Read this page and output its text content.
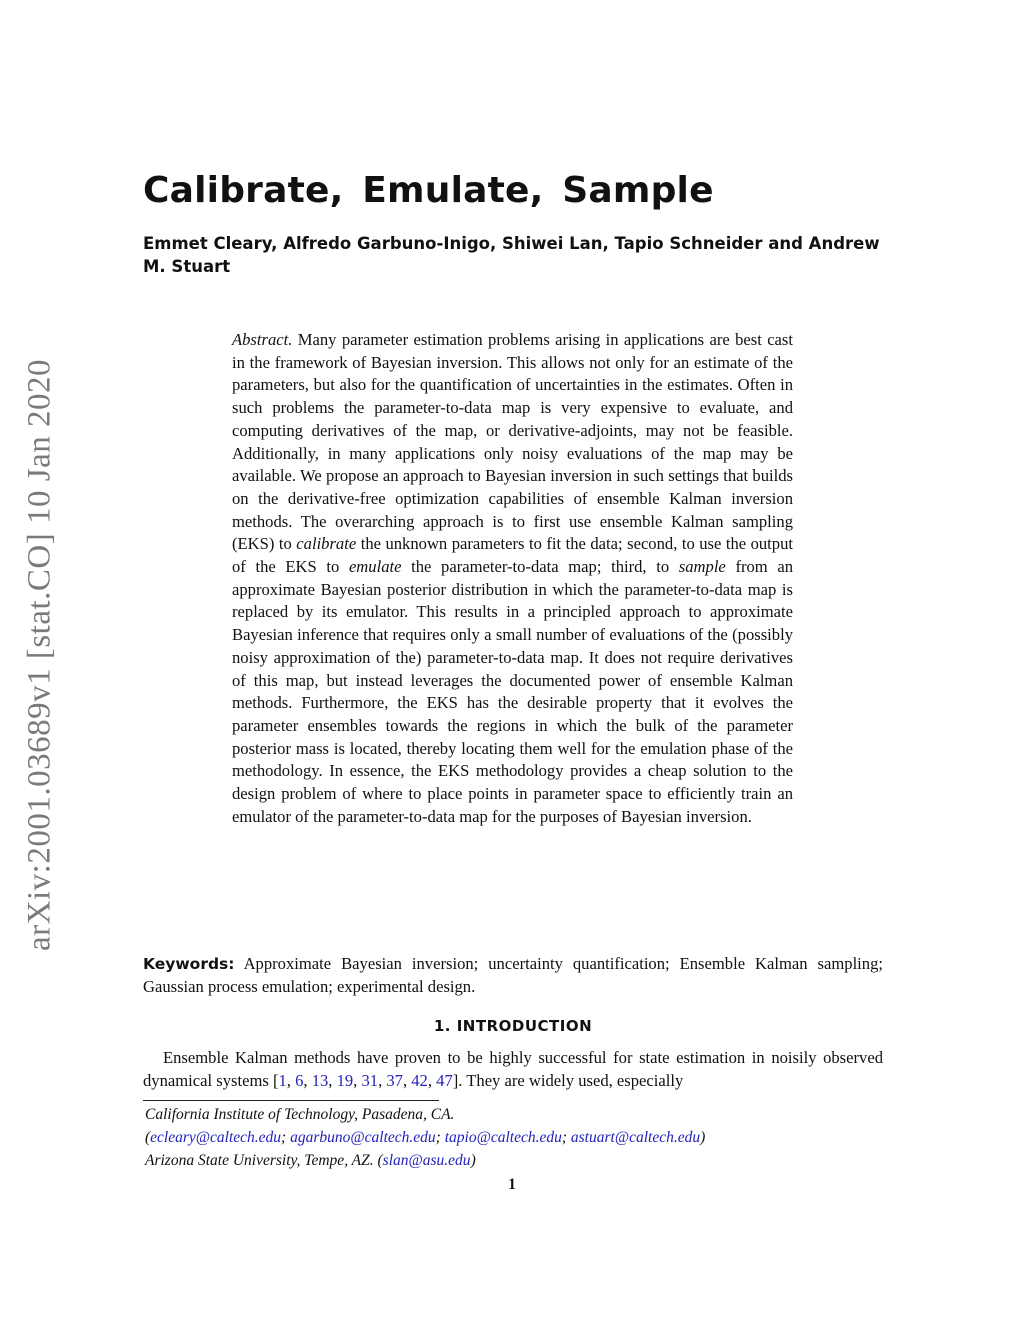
arXiv:2001.03689v1 [stat.CO] 10 Jan 2020
Calibrate, Emulate, Sample
Emmet Cleary, Alfredo Garbuno-Inigo, Shiwei Lan, Tapio Schneider and Andrew M. Stuart
Abstract. Many parameter estimation problems arising in applications are best cast in the framework of Bayesian inversion. This allows not only for an estimate of the parameters, but also for the quantification of uncertainties in the estimates. Often in such problems the parameter-to-data map is very expensive to evaluate, and computing derivatives of the map, or derivative-adjoints, may not be feasible. Additionally, in many applications only noisy evaluations of the map may be available. We propose an approach to Bayesian inversion in such settings that builds on the derivative-free optimization capabilities of ensemble Kalman inversion methods. The overarching approach is to first use ensemble Kalman sampling (EKS) to calibrate the unknown parameters to fit the data; second, to use the output of the EKS to emulate the parameter-to-data map; third, to sample from an approximate Bayesian posterior distribution in which the parameter-to-data map is replaced by its emulator. This results in a principled approach to approximate Bayesian inference that requires only a small number of evaluations of the (possibly noisy approximation of the) parameter-to-data map. It does not require derivatives of this map, but instead leverages the documented power of ensemble Kalman methods. Furthermore, the EKS has the desirable property that it evolves the parameter ensembles towards the regions in which the bulk of the parameter posterior mass is located, thereby locating them well for the emulation phase of the methodology. In essence, the EKS methodology provides a cheap solution to the design problem of where to place points in parameter space to efficiently train an emulator of the parameter-to-data map for the purposes of Bayesian inversion.
Keywords: Approximate Bayesian inversion; uncertainty quantification; Ensemble Kalman sampling; Gaussian process emulation; experimental design.
1. INTRODUCTION
Ensemble Kalman methods have proven to be highly successful for state estimation in noisily observed dynamical systems [1, 6, 13, 19, 31, 37, 42, 47]. They are widely used, especially
California Institute of Technology, Pasadena, CA.
(ecleary@caltech.edu; agarbuno@caltech.edu; tapio@caltech.edu; astuart@caltech.edu)
Arizona State University, Tempe, AZ. (slan@asu.edu)
1
